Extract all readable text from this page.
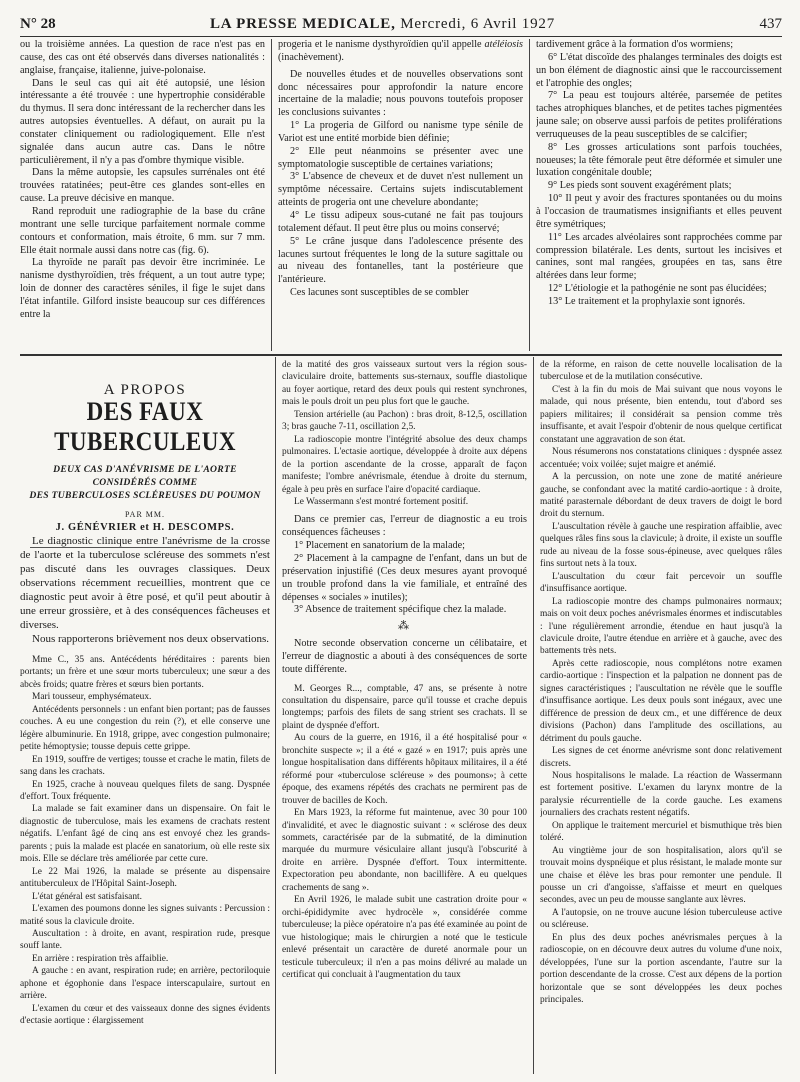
N° 28	LA PRESSE MEDICALE, Mercredi, 6 Avril 1927	437

ou la troisième années. La question de race n'est pas en cause, des cas ont été observés dans diverses nationalités : anglaise, française, italienne, juive-polonaise.

Dans le seul cas qui ait été autopsié, une lésion intéressante a été trouvée : une hypertrophie considérable du thymus. Il sera donc intéressant de la rechercher dans les autres autopsies éventuelles. A défaut, on aurait pu la constater cliniquement ou radiologiquement. Elle n'est signalée dans aucun autre cas. Dans le nôtre particulièrement, il n'y a pas d'ombre thymique visible.

Dans la même autopsie, les capsules surrénales ont été trouvées ratatinées; peut-être ces glandes sont-elles en cause. La preuve décisive en manque.

Rand reproduit une radiographie de la base du crâne montrant une selle turcique parfaitement normale comme contours et conformation, mais étroite, 6 mm. sur 7 mm. Elle était normale aussi dans notre cas (fig. 6).

La thyroïde ne paraît pas devoir être incriminée. Le nanisme dysthyroïdien, très fréquent, a un tout autre type; loin de donner des caractères séniles, il fige le sujet dans l'état infantile. Gilford insiste beaucoup sur ces différences entre la

progeria et le nanisme dysthyroïdien qu'il appelle atéléiosis (inachèvement).

De nouvelles études et de nouvelles observations sont donc nécessaires pour approfondir la nature encore incertaine de la maladie; nous pouvons toutefois proposer les conclusions suivantes :

1° La progeria de Gilford ou nanisme type sénile de Variot est une entité morbide bien définie;

2° Elle peut néanmoins se présenter avec une symptomatologie susceptible de certaines variations;

3° L'absence de cheveux et de duvet n'est nullement un symptôme nécessaire. Certains sujets indiscutablement atteints de progeria ont une chevelure abondante;

4° Le tissu adipeux sous-cutané ne fait pas toujours totalement défaut. Il peut être plus ou moins conservé;

5° Le crâne jusque dans l'adolescence présente des lacunes surtout fréquentes le long de la suture sagittale ou au niveau des fontanelles, tant la postérieure que l'antérieure.

Ces lacunes sont susceptibles de se combler

tardivement grâce à la formation d'os wormiens;

6° L'état discoïde des phalanges terminales des doigts est un bon élément de diagnostic ainsi que le raccourcissement et l'atrophie des ongles;

7° La peau est toujours altérée, parsemée de petites taches atrophiques blanches, et de petites taches pigmentées jaune sale; on observe aussi parfois de petites proliférations verruqueuses de la peau susceptibles de se calcifier;

8° Les grosses articulations sont parfois touchées, noueuses; la tête fémorale peut être déformée et simuler une luxation congénitale double;

9° Les pieds sont souvent exagérément plats;

10° Il peut y avoir des fractures spontanées ou du moins à l'occasion de traumatismes insignifiants et elles peuvent être symétriques;

11° Les arcades alvéolaires sont rapprochées comme par compression bilatérale. Les dents, surtout les incisives et canines, sont mal rangées, groupées en tas, sans être altérées dans leur forme;

12° L'étiologie et la pathogénie ne sont pas élucidées;

13° Le traitement et la prophylaxie sont ignorés.

A PROPOS
DES FAUX TUBERCULEUX
DEUX CAS D'ANÉVRISME DE L'AORTE
CONSIDÉRÉS COMME
DES TUBERCULOSES SCLÉREUSES DU POUMON
PAR MM.
J. GÉNÉVRIER et H. DESCOMPS.

Le diagnostic clinique entre l'anévrisme de la crosse de l'aorte et la tuberculose scléreuse des sommets n'est pas discuté dans les ouvrages classiques. Deux observations récemment recueillies, montrent que ce diagnostic peut avoir à être posé, et qu'il peut aboutir à une erreur grossière, et à des conséquences fâcheuses et diverses.

Nous rapporterons brièvement nos deux observations.

Mme C., 35 ans. Antécédents héréditaires : parents bien portants; un frère et une sœur morts tuberculeux; une sœur a des abcès froids; quatre frères et sœurs bien portants.

Mari tousseur, emphysémateux.

Antécédents personnels : un enfant bien portant; pas de fausses couches. A eu une congestion du rein (?), et elle conserve une légère albuminurie. En 1918, grippe, avec congestion pulmonaire; petite hémoptysie; tousse depuis cette grippe.

En 1919, souffre de vertiges; tousse et crache le matin, filets de sang dans les crachats.

En 1925, crache à nouveau quelques filets de sang. Dyspnée d'effort. Toux fréquente.

La malade se fait examiner dans un dispensaire. On fait le diagnostic de tuberculose, mais les examens de crachats restent négatifs. L'enfant âgé de cinq ans est envoyé chez les grands-parents ; puis la malade est placée en sanatorium, où elle reste six mois. Elle se déclare très améliorée par cette cure.

Le 22 Mai 1926, la malade se présente au dispensaire antituberculeux de l'Hôpital Saint-Joseph.

L'état général est satisfaisant.

L'examen des poumons donne les signes suivants : Percussion : matité sous la clavicule droite.

Auscultation : à droite, en avant, respiration rude, presque souff lante.

En arrière : respiration très affaiblie.

A gauche : en avant, respiration rude; en arrière, pectoriloquie aphone et égophonie dans l'espace interscapulaire, surtout en arrière.

L'examen du cœur et des vaisseaux donne des signes évidents d'ectasie aortique : élargissement

de la matité des gros vaisseaux surtout vers la région sous-claviculaire droite, battements sus-sternaux, souffle diastolique au foyer aortique, retard des deux pouls qui restent synchrones, mais le pouls droit un peu plus fort que le gauche.

Tension artérielle (au Pachon) : bras droit, 8-12,5, oscillation 3; bras gauche 7-11, oscillation 2,5.

La radioscopie montre l'intégrité absolue des deux champs pulmonaires. L'ectasie aortique, développée à droite aux dépens de la portion ascendante de la crosse, apparaît de façon manifeste; l'ombre anévrismale, étendue à droite du sternum, égale à peu près en surface l'aire d'opacité cardiaque.

Le Wassermann s'est montré fortement positif.

Dans ce premier cas, l'erreur de diagnostic a eu trois conséquences fâcheuses :

1° Placement en sanatorium de la malade;

2° Placement à la campagne de l'enfant, dans un but de préservation injustifié (Ces deux mesures ayant provoqué un trouble profond dans la vie familiale, et entraîné des dépenses « sociales » inutiles);

3° Absence de traitement spécifique chez la malade.

⁂

Notre seconde observation concerne un célibataire, et l'erreur de diagnostic a abouti à des conséquences de sorte toute différente.

M. Georges R..., comptable, 47 ans, se présente à notre consultation du dispensaire, parce qu'il tousse et crache depuis longtemps; parfois des filets de sang strient ses crachats. Il se plaint de dyspnée d'effort.

Au cours de la guerre, en 1916, il a été hospitalisé pour « bronchite suspecte »; il a été « gazé » en 1917; puis après une longue hospitalisation dans différents hôpitaux militaires, il a été réformé pour «tuberculose scléreuse » des poumons»; à cette époque, des examens répétés des crachats ne permirent pas de trouver de bacilles de Koch.

En Mars 1923, la réforme fut maintenue, avec 30 pour 100 d'invalidité, et avec le diagnostic suivant : « sclérose des deux sommets, caractérisée par de la submatité, de la diminution marquée du murmure vésiculaire allant jusqu'à l'obscurité à droite en arrière. Dyspnée d'effort. Toux intermittente. Expectoration peu abondante, non bacillifère. A eu quelques crachements de sang ».

En Avril 1926, le malade subit une castration droite pour « orchi-épididymite avec hydrocèle », considérée comme tuberculeuse; la pièce opératoire n'a pas été examinée au point de vue histologique; mais le chirurgien a noté que le testicule enlevé présentait un caractère de dureté anormale pour un testicule tuberculeux; il n'en a pas moins délivré au malade un certificat qui concluait à l'augmentation du taux

de la réforme, en raison de cette nouvelle localisation de la tuberculose et de la mutilation consécutive.

C'est à la fin du mois de Mai suivant que nous voyons le malade, qui nous présente, bien entendu, tout d'abord ses papiers militaires; il considérait sa pension comme très insuffisante, et avait l'espoir d'obtenir de nous quelque certificat constatant une aggravation de son état.

Nous résumerons nos constatations cliniques : dyspnée assez accentuée; voix voilée; sujet maigre et anémié.

A la percussion, on note une zone de matité anérieure gauche, se confondant avec la matité cardio-aortique : à droite, matité parasternale débordant de deux travers de doigt le bord droit du sternum.

L'auscultation révèle à gauche une respiration affaiblie, avec quelques râles fins sous la clavicule; à droite, il existe un souffle rude au niveau de la fosse sous-épineuse, avec quelques râles fins surtout nets à la toux.

L'auscultation du cœur fait percevoir un souffle d'insuffisance aortique.

La radioscopie montre des champs pulmonaires normaux; mais on voit deux poches anévrismales énormes et indiscutables : l'une régulièrement arrondie, étendue en haut jusqu'à la clavicule droite, l'autre étendue en arrière et à gauche, avec des battements très nets.

Après cette radioscopie, nous complétons notre examen cardio-aortique : l'inspection et la palpation ne donnent pas de signes caractéristiques ; l'auscultation ne révèle que le souffle d'insuffisance aortique. Les deux pouls sont inégaux, avec une différence de pression de deux cm., et une différence de deux divisions (Pachon) dans l'amplitude des oscillations, au détriment du pouls gauche.

Les signes de cet énorme anévrisme sont donc relativement discrets.

Nous hospitalisons le malade. La réaction de Wassermann est fortement positive. L'examen du larynx montre de la paralysie récurrentielle de la corde gauche. Les examens journaliers des crachats restent négatifs.

On applique le traitement mercuriel et bismuthique très bien toléré.

Au vingtième jour de son hospitalisation, alors qu'il se trouvait moins dyspnéique et plus résistant, le malade monte sur une chaise et élève les bras pour remonter une pendule. Il pousse un cri d'angoisse, s'affaisse et meurt en quelques secondes, avec un peu de mousse sanglante aux lèvres.

A l'autopsie, on ne trouve aucune lésion tuberculeuse active ou scléreuse.

En plus des deux poches anévrismales perçues à la radioscopie, on en découvre deux autres du volume d'une noix, développées, l'une sur la portion ascendante, l'autre sur la portion descendante de la crosse. C'est aux dépens de la portion horizontale que se sont développées les deux poches principales.
